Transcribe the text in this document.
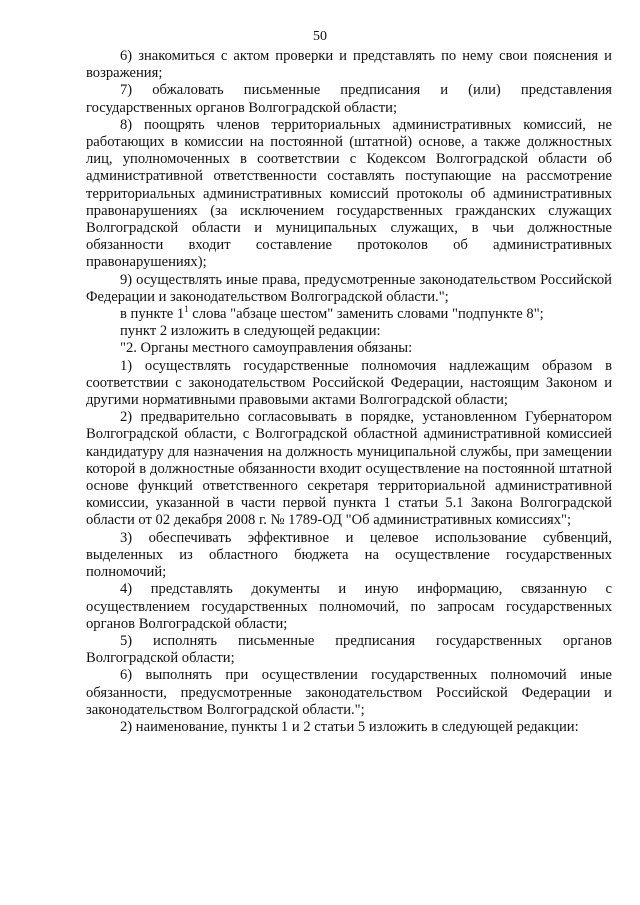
50

6) знакомиться с актом проверки и представлять по нему свои пояснения и возражения;

7) обжаловать письменные предписания и (или) представления государственных органов Волгоградской области;

8) поощрять членов территориальных административных комиссий, не работающих в комиссии на постоянной (штатной) основе, а также должностных лиц, уполномоченных в соответствии с Кодексом Волгоградской области об административной ответственности составлять поступающие на рассмотрение территориальных административных комиссий протоколы об административных правонарушениях (за исключением государственных гражданских служащих Волгоградской области и муниципальных служащих, в чьи должностные обязанности входит составление протоколов об административных правонарушениях);

9) осуществлять иные права, предусмотренные законодательством Российской Федерации и законодательством Волгоградской области.";

в пункте $1^1$ слова "абзаце шестом" заменить словами "подпункте 8";

пункт 2 изложить в следующей редакции:

"2. Органы местного самоуправления обязаны:

1) осуществлять государственные полномочия надлежащим образом в соответствии с законодательством Российской Федерации, настоящим Законом и другими нормативными правовыми актами Волгоградской области;

2) предварительно согласовывать в порядке, установленном Губернатором Волгоградской области, с Волгоградской областной административной комиссией кандидатуру для назначения на должность муниципальной службы, при замещении которой в должностные обязанности входит осуществление на постоянной штатной основе функций ответственного секретаря территориальной административной комиссии, указанной в части первой пункта 1 статьи 5.1 Закона Волгоградской области от 02 декабря 2008 г. № 1789-ОД "Об административных комиссиях";

3) обеспечивать эффективное и целевое использование субвенций, выделенных из областного бюджета на осуществление государственных полномочий;

4) представлять документы и иную информацию, связанную с осуществлением государственных полномочий, по запросам государственных органов Волгоградской области;

5) исполнять письменные предписания государственных органов Волгоградской области;

6) выполнять при осуществлении государственных полномочий иные обязанности, предусмотренные законодательством Российской Федерации и законодательством Волгоградской области.";

2) наименование, пункты 1 и 2 статьи 5 изложить в следующей редакции:
